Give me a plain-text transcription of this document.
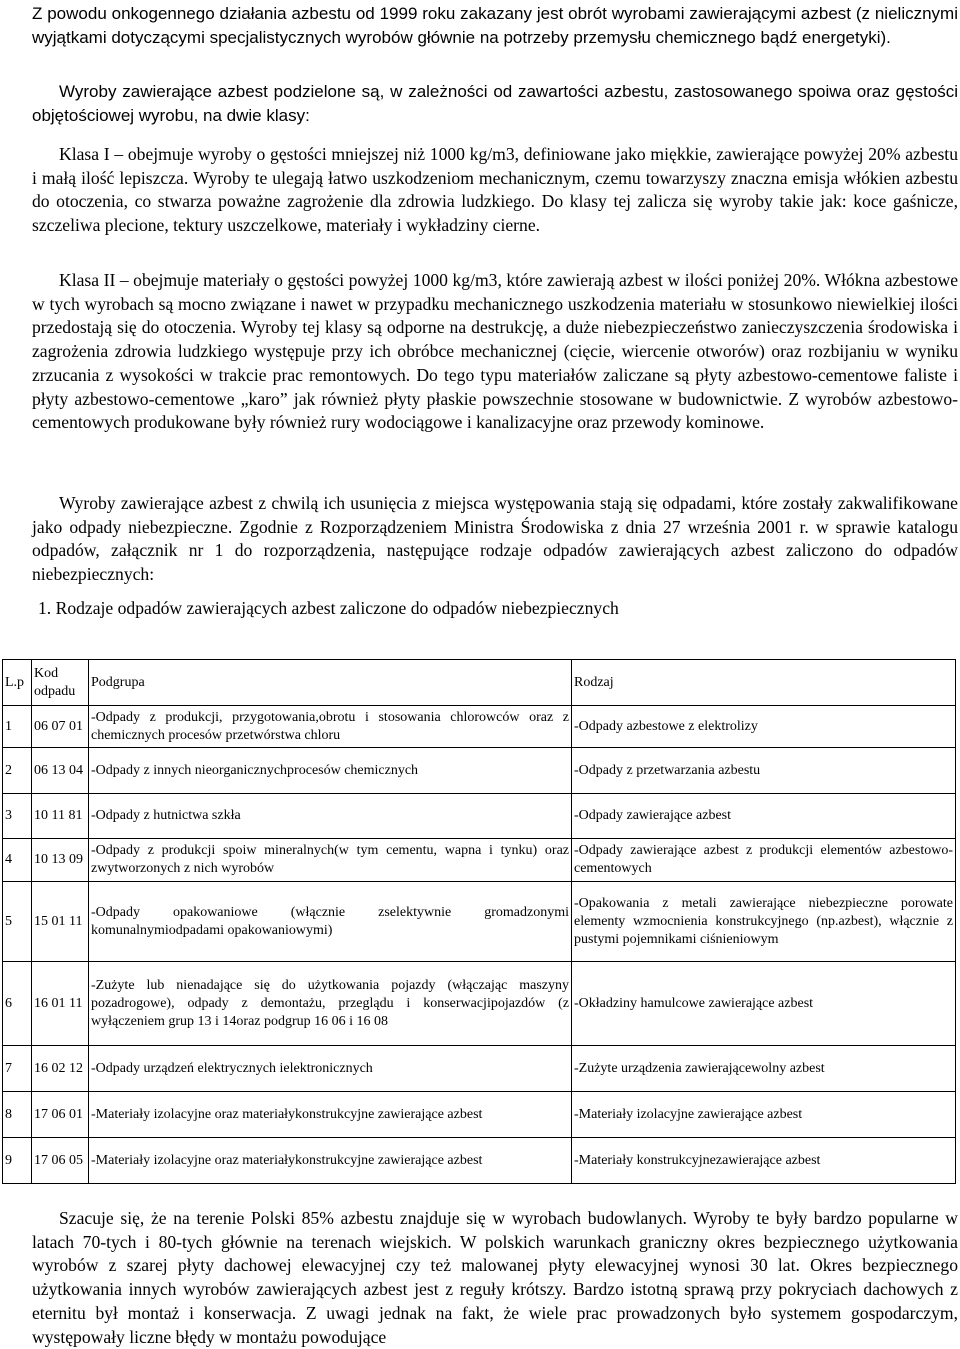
Z powodu onkogennego działania azbestu od 1999 roku zakazany jest obrót wyrobami zawierającymi azbest (z nielicznymi wyjątkami dotyczącymi specjalistycznych wyrobów głównie na potrzeby przemysłu chemicznego bądź energetyki).

Wyroby zawierające azbest podzielone są, w zależności od zawartości azbestu, zastosowanego spoiwa oraz gęstości objętościowej wyrobu, na dwie klasy:

Klasa I – obejmuje wyroby o gęstości mniejszej niż 1000 kg/m3, definiowane jako miękkie, zawierające powyżej 20% azbestu i małą ilość lepiszcza. Wyroby te ulegają łatwo uszkodzeniom mechanicznym, czemu towarzyszy znaczna emisja włókien azbestu do otoczenia, co stwarza poważne zagrożenie dla zdrowia ludzkiego. Do klasy tej zalicza się wyroby takie jak: koce gaśnicze, szczeliwa plecione, tektury uszczelkowe, materiały i wykładziny cierne.

Klasa II – obejmuje materiały o gęstości powyżej 1000 kg/m3, które zawierają azbest w ilości poniżej 20%. Włókna azbestowe w tych wyrobach są mocno związane i nawet w przypadku mechanicznego uszkodzenia materiału w stosunkowo niewielkiej ilości przedostają się do otoczenia. Wyroby tej klasy są odporne na destrukcję, a duże niebezpieczeństwo zanieczyszczenia środowiska i zagrożenia zdrowia ludzkiego występuje przy ich obróbce mechanicznej (cięcie, wiercenie otworów) oraz rozbijaniu w wyniku zrzucania z wysokości w trakcie prac remontowych. Do tego typu materiałów zaliczane są płyty azbestowo-cementowe faliste i płyty azbestowo-cementowe „karo” jak również płyty płaskie powszechnie stosowane w budownictwie. Z wyrobów azbestowo-cementowych produkowane były również rury wodociągowe i kanalizacyjne oraz przewody kominowe.

Wyroby zawierające azbest z chwilą ich usunięcia z miejsca występowania stają się odpadami, które zostały zakwalifikowane jako odpady niebezpieczne. Zgodnie z Rozporządzeniem Ministra Środowiska z dnia 27 września 2001 r. w sprawie katalogu odpadów, załącznik nr 1 do rozporządzenia, następujące rodzaje odpadów zawierających azbest zaliczono do odpadów niebezpiecznych:

1. Rodzaje odpadów zawierających azbest zaliczone do odpadów niebezpiecznych

L.p	Kod odpadu	Podgrupa	Rodzaj
1	06 07 01	-Odpady z produkcji, przygotowania,obrotu i stosowania chlorowców oraz z chemicznych procesów przetwórstwa chloru	-Odpady azbestowe z elektrolizy
2	06 13 04	-Odpady z innych nieorganicznychprocesów chemicznych	-Odpady z przetwarzania azbestu
3	10 11 81	-Odpady z hutnictwa szkła	-Odpady zawierające azbest
4	10 13 09	-Odpady z produkcji spoiw mineralnych(w tym cementu, wapna i tynku) oraz zwytworzonych z nich wyrobów	-Odpady zawierające azbest z produkcji elementów azbestowo-cementowych
5	15 01 11	-Odpady opakowaniowe (włącznie zselektywnie gromadzonymi komunalnymiodpadami opakowaniowymi)	-Opakowania z metali zawierające niebezpieczne porowate elementy wzmocnienia konstrukcyjnego (np.azbest), włącznie z pustymi pojemnikami ciśnieniowym
6	16 01 11	-Zużyte lub nienadające się do użytkowania pojazdy (włączając maszyny pozadrogowe), odpady z demontażu, przeglądu i konserwacjipojazdów (z wyłączeniem grup 13 i 14oraz podgrup 16 06 i 16 08	-Okładziny hamulcowe zawierające azbest
7	16 02 12	-Odpady urządzeń elektrycznych ielektronicznych	-Zużyte urządzenia zawierającewolny azbest
8	17 06 01	-Materiały izolacyjne oraz materiałykonstrukcyjne zawierające azbest	-Materiały izolacyjne zawierające azbest
9	17 06 05	-Materiały izolacyjne oraz materiałykonstrukcyjne zawierające azbest	-Materiały konstrukcyjnezawierające azbest

Szacuje się, że na terenie Polski 85% azbestu znajduje się w wyrobach budowlanych. Wyroby te były bardzo popularne w latach 70-tych i 80-tych głównie na terenach wiejskich. W polskich warunkach graniczny okres bezpiecznego użytkowania wyrobów z szarej płyty dachowej elewacyjnej czy też malowanej płyty elewacyjnej wynosi 30 lat. Okres bezpiecznego użytkowania innych wyrobów zawierających azbest jest z reguły krótszy. Bardzo istotną sprawą przy pokryciach dachowych z eternitu był montaż i konserwacja. Z uwagi jednak na fakt, że wiele prac prowadzonych było systemem gospodarczym, występowały liczne błędy w montażu powodujące
